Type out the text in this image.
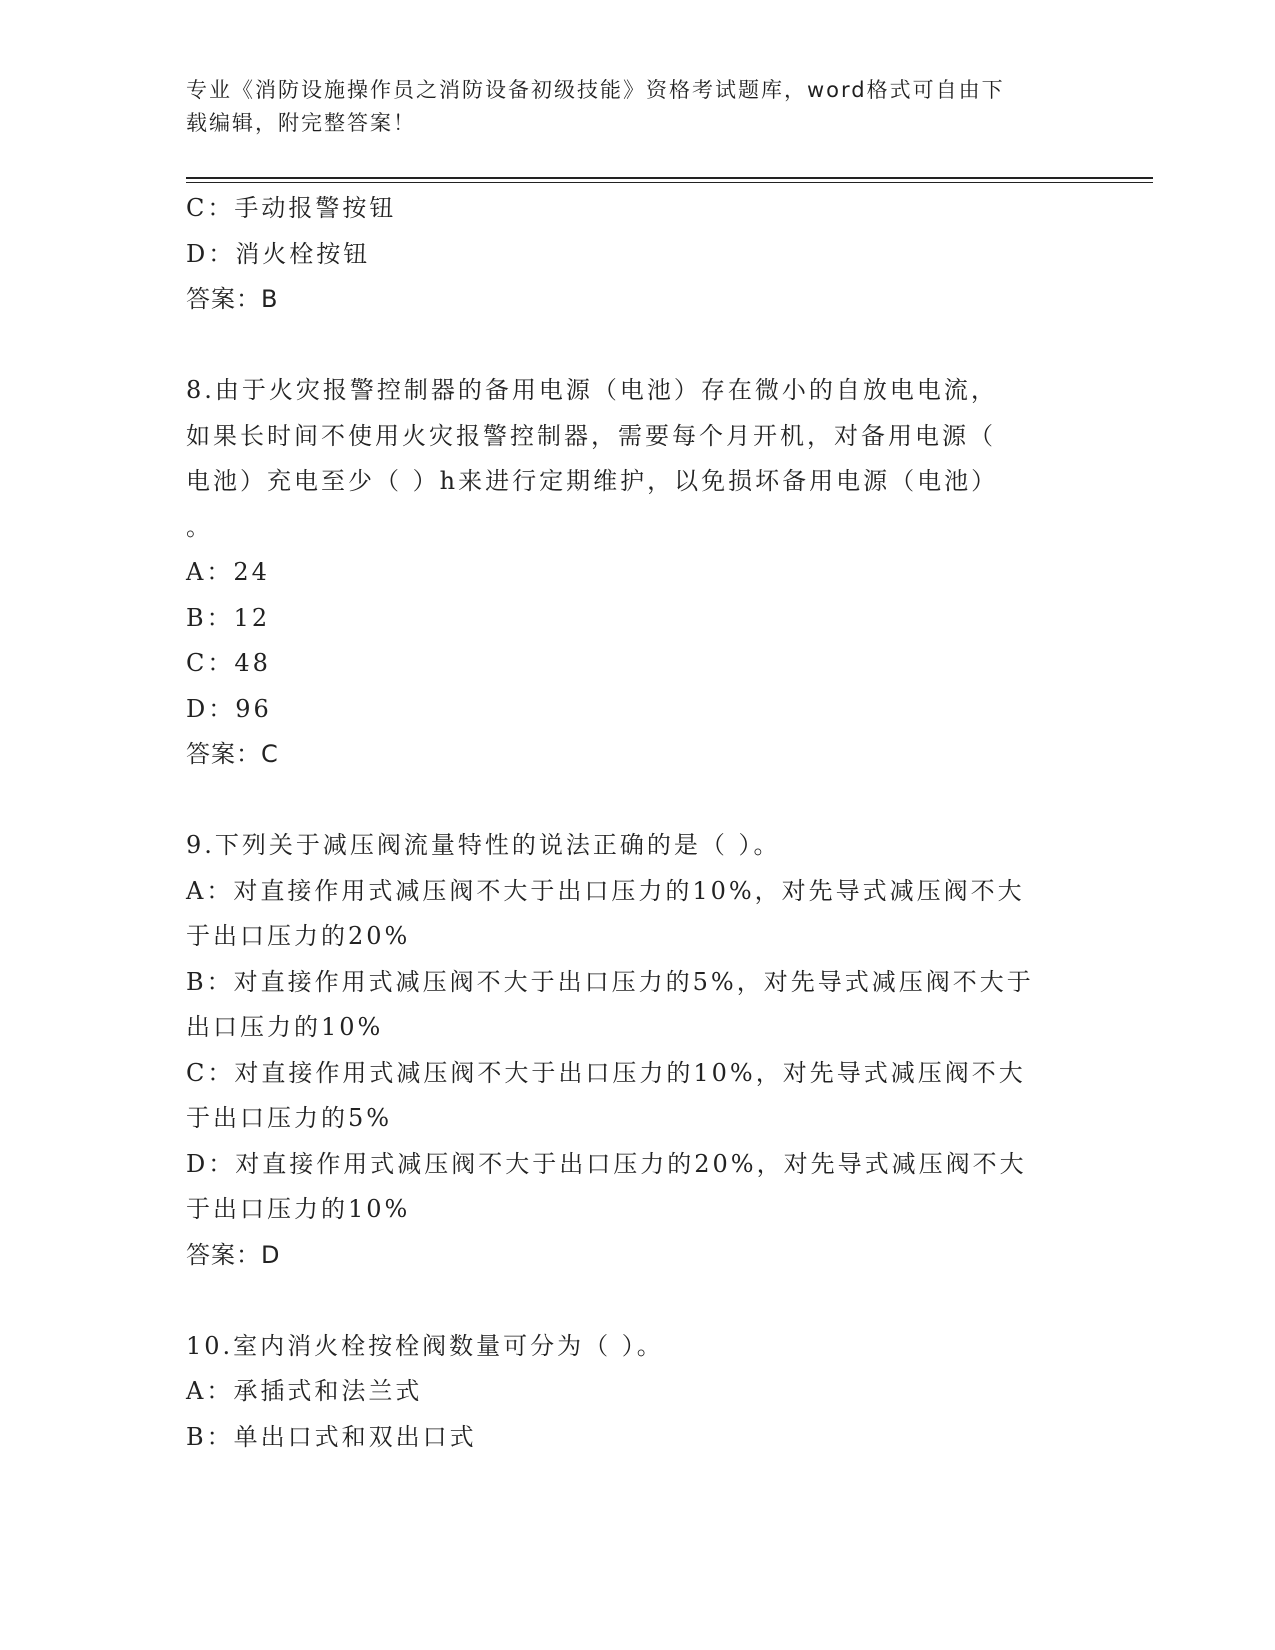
专业《消防设施操作员之消防设备初级技能》资格考试题库，word格式可自由下
载编辑，附完整答案！
C：手动报警按钮
D：消火栓按钮
答案：B
8.由于火灾报警控制器的备用电源（电池）存在微小的自放电电流，
如果长时间不使用火灾报警控制器，需要每个月开机，对备用电源（
电池）充电至少（ ）h来进行定期维护，以免损坏备用电源（电池）
。
A：24
B：12
C：48
D：96
答案：C
9.下列关于减压阀流量特性的说法正确的是（ ）。
A：对直接作用式减压阀不大于出口压力的10%，对先导式减压阀不大
于出口压力的20%
B：对直接作用式减压阀不大于出口压力的5%，对先导式减压阀不大于
出口压力的10%
C：对直接作用式减压阀不大于出口压力的10%，对先导式减压阀不大
于出口压力的5%
D：对直接作用式减压阀不大于出口压力的20%，对先导式减压阀不大
于出口压力的10%
答案：D
10.室内消火栓按栓阀数量可分为（ ）。
A：承插式和法兰式
B：单出口式和双出口式
